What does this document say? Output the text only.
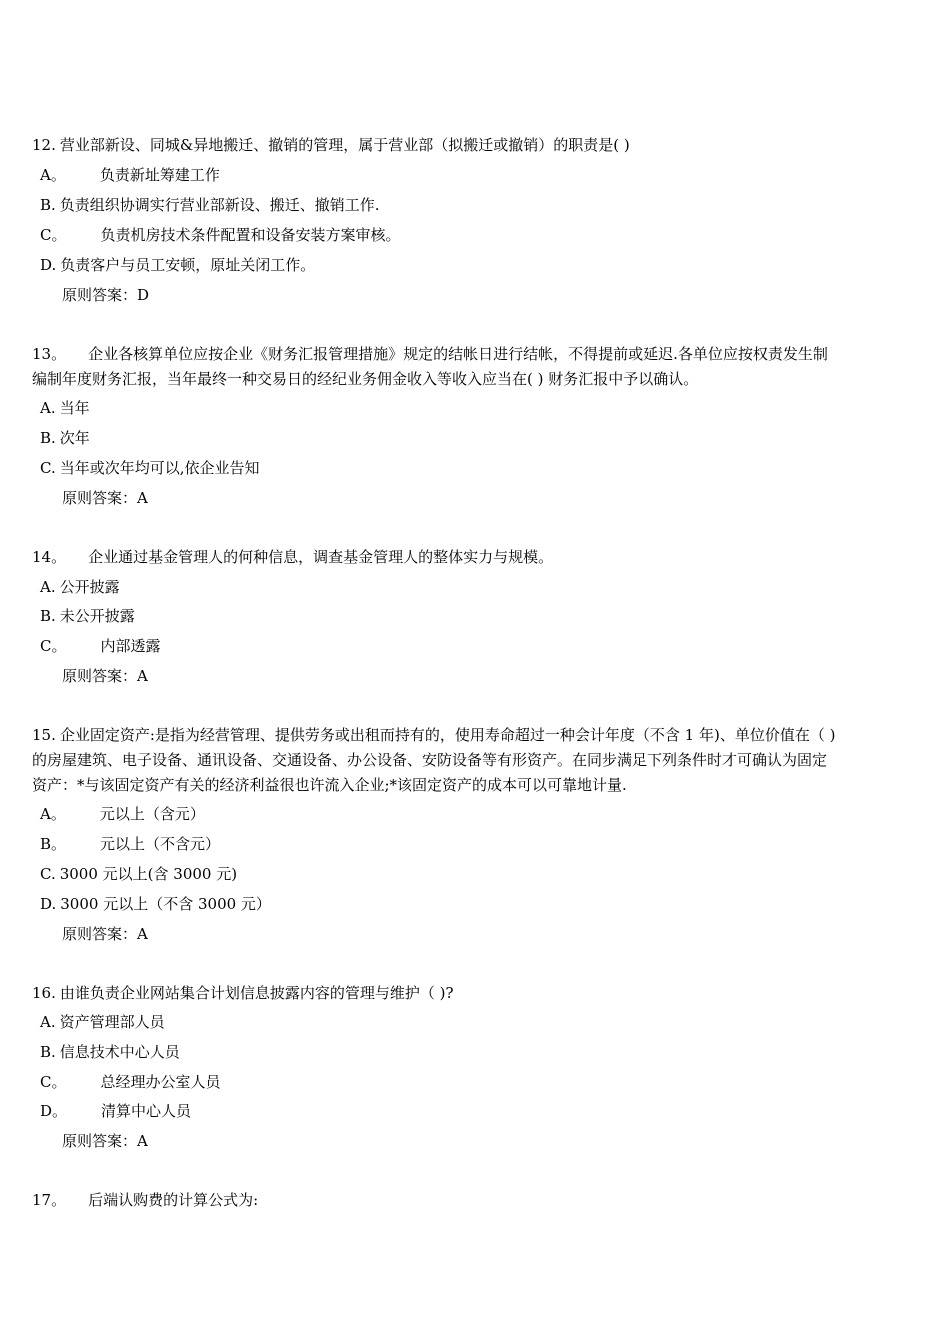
12. 营业部新设、同城&异地搬迁、撤销的管理，属于营业部（拟搬迁或撤销）的职责是( )
A。 负责新址筹建工作
B. 负责组织协调实行营业部新设、搬迁、撤销工作.
C。 负责机房技术条件配置和设备安装方案审核。
D. 负责客户与员工安顿，原址关闭工作。
原则答案：D
13。 企业各核算单位应按企业《财务汇报管理措施》规定的结帐日进行结帐，不得提前或延迟.各单位应按权责发生制
编制年度财务汇报，当年最终一种交易日的经纪业务佣金收入等收入应当在( ) 财务汇报中予以确认。
A. 当年
B. 次年
C. 当年或次年均可以,依企业告知
原则答案：A
14。 企业通过基金管理人的何种信息，调查基金管理人的整体实力与规模。
A. 公开披露
B. 未公开披露
C。 内部透露
原则答案：A
15. 企业固定资产:是指为经营管理、提供劳务或出租而持有的，使用寿命超过一种会计年度（不含 1 年)、单位价值在（ )
的房屋建筑、电子设备、通讯设备、交通设备、办公设备、安防设备等有形资产。在同步满足下列条件时才可确认为固定
资产：*与该固定资产有关的经济利益很也许流入企业;*该固定资产的成本可以可靠地计量.
A。 元以上（含元）
B。 元以上（不含元）
C. 3000 元以上(含 3000 元)
D. 3000 元以上（不含 3000 元）
原则答案：A
16. 由谁负责企业网站集合计划信息披露内容的管理与维护（ )?
A. 资产管理部人员
B. 信息技术中心人员
C。 总经理办公室人员
D。 清算中心人员
原则答案：A
17。 后端认购费的计算公式为:
